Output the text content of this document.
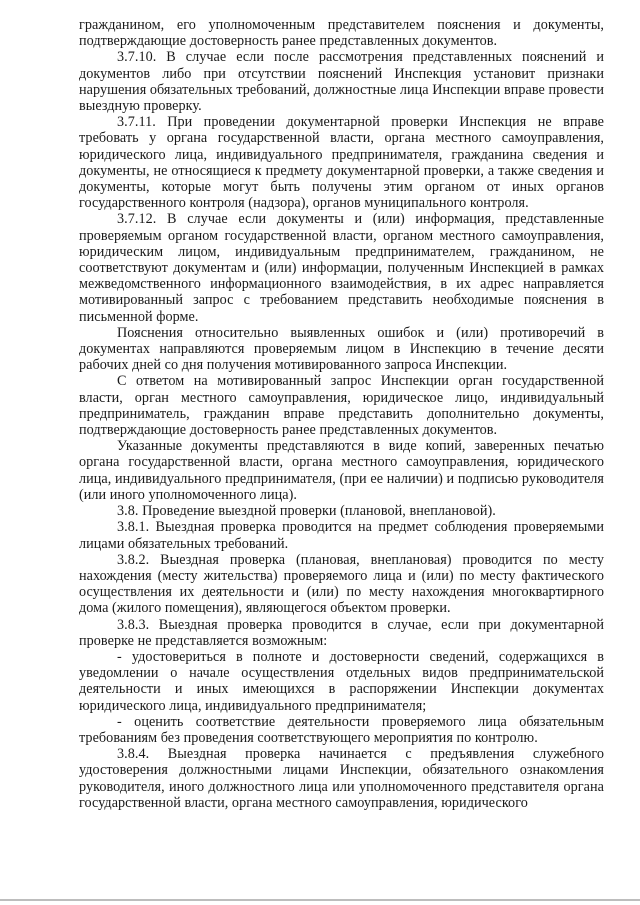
гражданином, его уполномоченным представителем пояснения и документы, подтверждающие достоверность ранее представленных документов.

3.7.10. В случае если после рассмотрения представленных пояснений и документов либо при отсутствии пояснений Инспекция установит признаки нарушения обязательных требований, должностные лица Инспекции вправе провести выездную проверку.

3.7.11. При проведении документарной проверки Инспекция не вправе требовать у органа государственной власти, органа местного самоуправления, юридического лица, индивидуального предпринимателя, гражданина сведения и документы, не относящиеся к предмету документарной проверки, а также сведения и документы, которые могут быть получены этим органом от иных органов государственного контроля (надзора), органов муниципального контроля.

3.7.12. В случае если документы и (или) информация, представленные проверяемым органом государственной власти, органом местного самоуправления, юридическим лицом, индивидуальным предпринимателем, гражданином, не соответствуют документам и (или) информации, полученным Инспекцией в рамках межведомственного информационного взаимодействия, в их адрес направляется мотивированный запрос с требованием представить необходимые пояснения в письменной форме.

Пояснения относительно выявленных ошибок и (или) противоречий в документах направляются проверяемым лицом в Инспекцию в течение десяти рабочих дней со дня получения мотивированного запроса Инспекции.

С ответом на мотивированный запрос Инспекции орган государственной власти, орган местного самоуправления, юридическое лицо, индивидуальный предприниматель, гражданин вправе представить дополнительно документы, подтверждающие достоверность ранее представленных документов.

Указанные документы представляются в виде копий, заверенных печатью органа государственной власти, органа местного самоуправления, юридического лица, индивидуального предпринимателя, (при ее наличии) и подписью руководителя (или иного уполномоченного лица).

3.8. Проведение выездной проверки (плановой, внеплановой).

3.8.1. Выездная проверка проводится на предмет соблюдения проверяемыми лицами обязательных требований.

3.8.2. Выездная проверка (плановая, внеплановая) проводится по месту нахождения (месту жительства) проверяемого лица и (или) по месту фактического осуществления их деятельности и (или) по месту нахождения многоквартирного дома (жилого помещения), являющегося объектом проверки.

3.8.3. Выездная проверка проводится в случае, если при документарной проверке не представляется возможным:

- удостовериться в полноте и достоверности сведений, содержащихся в уведомлении о начале осуществления отдельных видов предпринимательской деятельности и иных имеющихся в распоряжении Инспекции документах юридического лица, индивидуального предпринимателя;

- оценить соответствие деятельности проверяемого лица обязательным требованиям без проведения соответствующего мероприятия по контролю.

3.8.4. Выездная проверка начинается с предъявления служебного удостоверения должностными лицами Инспекции, обязательного ознакомления руководителя, иного должностного лица или уполномоченного представителя органа государственной власти, органа местного самоуправления, юридического
